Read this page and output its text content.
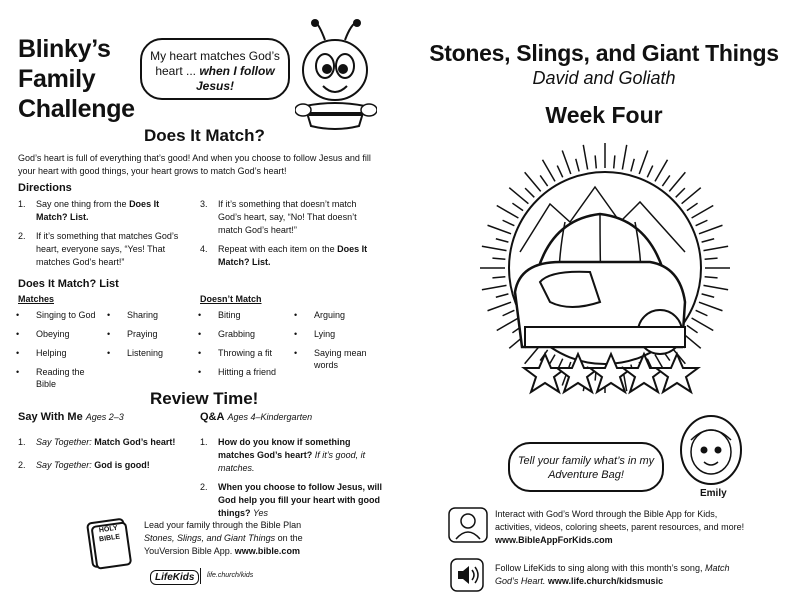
Blinky’s
Family
Challenge
My heart matches God’s heart ... when I follow Jesus!
Does It Match?
God’s heart is full of everything that’s good! And when you choose to follow Jesus and fill your heart with good things, your heart grows to match God’s heart!
Directions
1. Say one thing from the Does It Match? List.
2. If it’s something that matches God’s heart, everyone says, “Yes! That matches God’s heart!”
3. If it’s something that doesn’t match God’s heart, say, “No! That doesn’t match God’s heart!”
4. Repeat with each item on the Does It Match? List.
Does It Match? List
Matches	Doesn’t Match
• Singing to God
• Obeying
• Helping
• Reading the Bible
• Sharing
• Praying
• Listening
• Biting
• Grabbing
• Throwing a fit
• Hitting a friend
• Arguing
• Lying
• Saying mean words
Review Time!
Say With Me Ages 2–3
1. Say Together: Match God’s heart!
2. Say Together: God is good!
Q&A Ages 4–Kindergarten
1. How do you know if something matches God’s heart? If it’s good, it matches.
2. When you choose to follow Jesus, will God help you fill your heart with good things? Yes
HOLY BIBLE
Lead your family through the Bible Plan Stones, Slings, and Giant Things on the YouVersion Bible App. www.bible.com
LifeKids	life.church/kids
Stones, Slings, and Giant Things
David and Goliath
Week Four
Tell your family what’s in my Adventure Bag!
Emily
Interact with God’s Word through the Bible App for Kids, activities, videos, coloring sheets, parent resources, and more! www.BibleAppForKids.com
Follow LifeKids to sing along with this month’s song, Match God’s Heart. www.life.church/kidsmusic
